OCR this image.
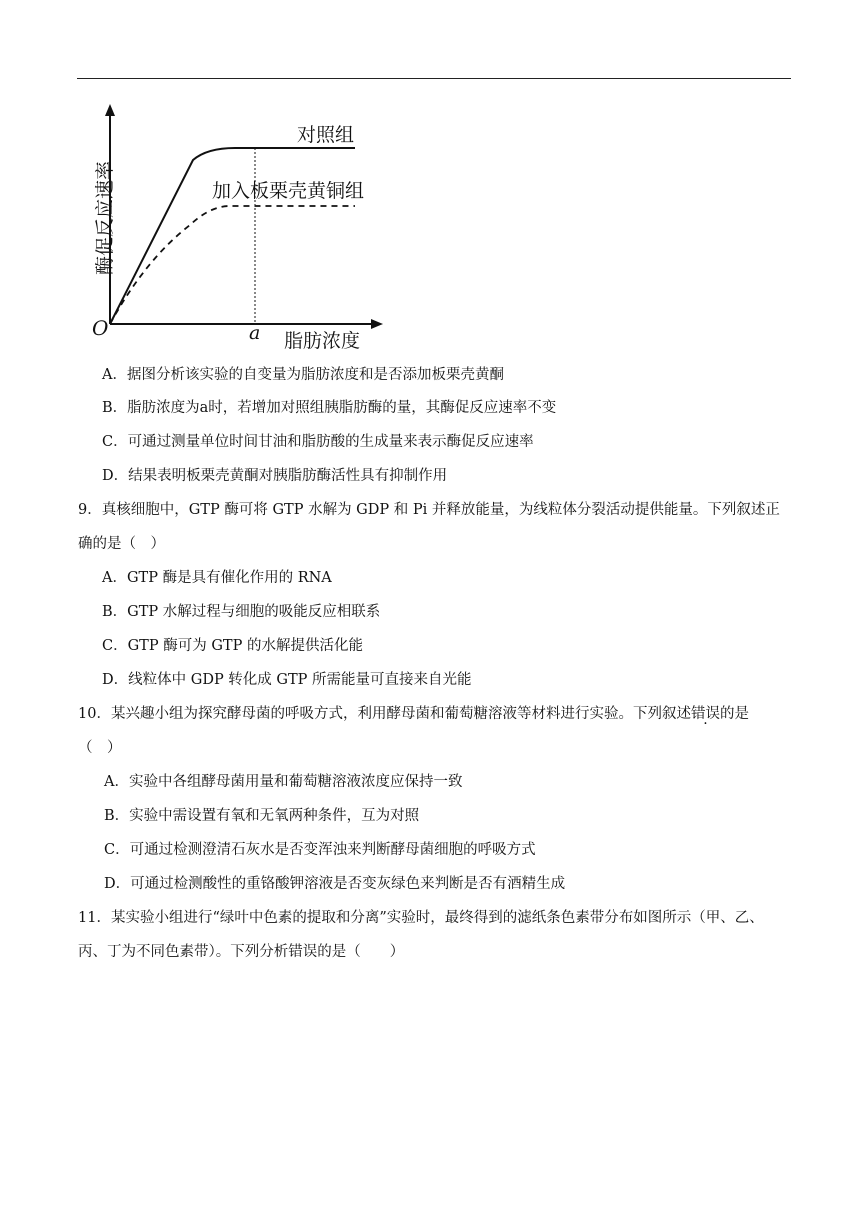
酶促反应速率
对照组
加入板栗壳黄铜组
脂肪浓度
O	a
A．据图分析该实验的自变量为脂肪浓度和是否添加板栗壳黄酮
B．脂肪浓度为a时，若增加对照组胰脂肪酶的量，其酶促反应速率不变
C．可通过测量单位时间甘油和脂肪酸的生成量来表示酶促反应速率
D．结果表明板栗壳黄酮对胰脂肪酶活性具有抑制作用
9．真核细胞中，GTP 酶可将 GTP 水解为 GDP 和 Pi 并释放能量，为线粒体分裂活动提供能量。下列叙述正
确的是（　）
A．GTP 酶是具有催化作用的 RNA
B．GTP 水解过程与细胞的吸能反应相联系
C．GTP 酶可为 GTP 的水解提供活化能
D．线粒体中 GDP 转化成 GTP 所需能量可直接来自光能
10．某兴趣小组为探究酵母菌的呼吸方式，利用酵母菌和葡萄糖溶液等材料进行实验。下列叙述错误的是
（　）
A．实验中各组酵母菌用量和葡萄糖溶液浓度应保持一致
B．实验中需设置有氧和无氧两种条件，互为对照
C．可通过检测澄清石灰水是否变浑浊来判断酵母菌细胞的呼吸方式
D．可通过检测酸性的重铬酸钾溶液是否变灰绿色来判断是否有酒精生成
11．某实验小组进行“绿叶中色素的提取和分离”实验时，最终得到的滤纸条色素带分布如图所示（甲、乙、
丙、丁为不同色素带）。下列分析错误的是（　　）
